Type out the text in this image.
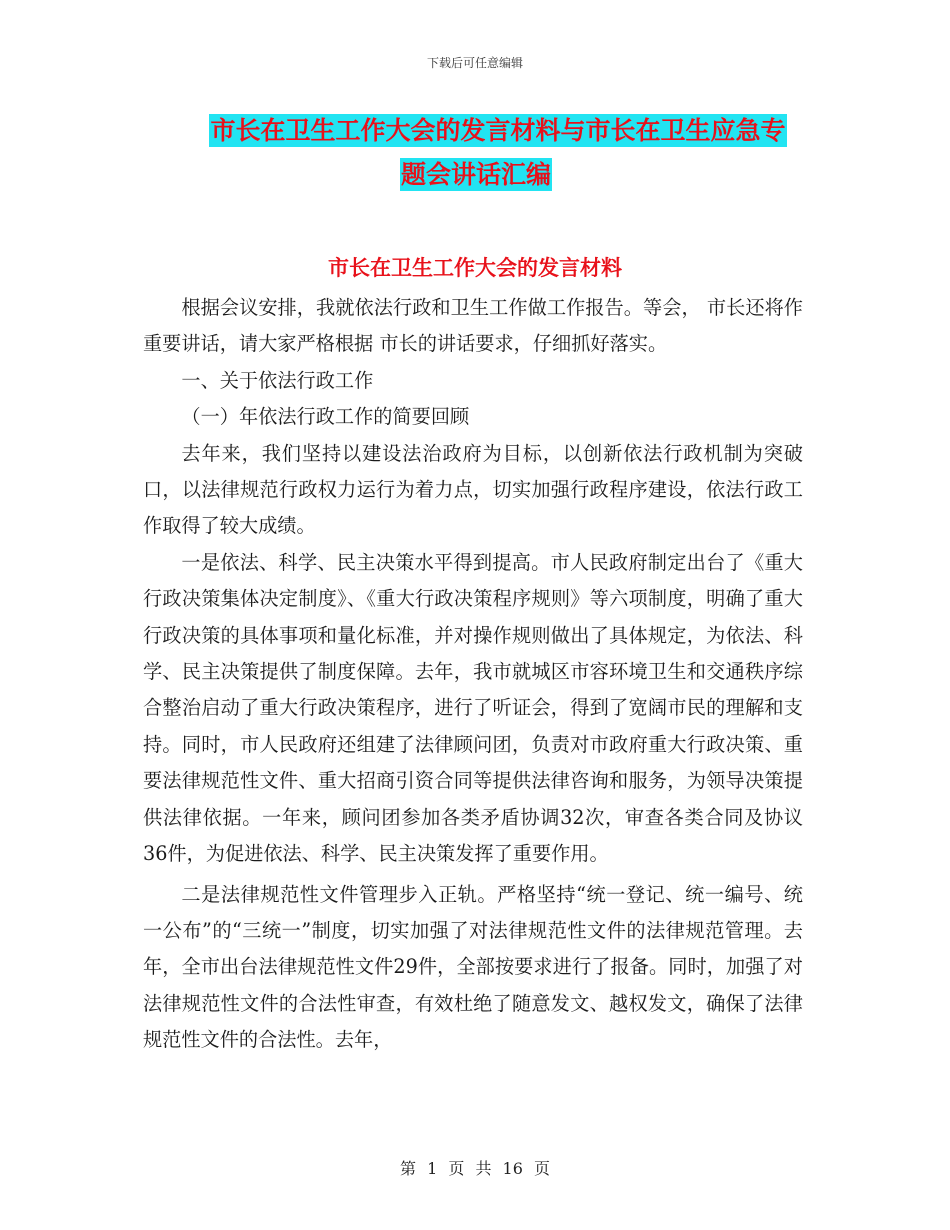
下载后可任意编辑
市长在卫生工作大会的发言材料与市长在卫生应急专
题会讲话汇编
市长在卫生工作大会的发言材料

根据会议安排，我就依法行政和卫生工作做工作报告。等会， 市长还将作重要讲话，请大家严格根据 市长的讲话要求，仔细抓好落实。

一、关于依法行政工作

（一）年依法行政工作的简要回顾

去年来，我们坚持以建设法治政府为目标，以创新依法行政机制为突破口，以法律规范行政权力运行为着力点，切实加强行政程序建设，依法行政工作取得了较大成绩。

一是依法、科学、民主决策水平得到提高。市人民政府制定出台了《重大行政决策集体决定制度》、《重大行政决策程序规则》等六项制度，明确了重大行政决策的具体事项和量化标准，并对操作规则做出了具体规定，为依法、科学、民主决策提供了制度保障。去年，我市就城区市容环境卫生和交通秩序综合整治启动了重大行政决策程序，进行了听证会，得到了宽阔市民的理解和支持。同时，市人民政府还组建了法律顾问团，负责对市政府重大行政决策、重要法律规范性文件、重大招商引资合同等提供法律咨询和服务，为领导决策提供法律依据。一年来，顾问团参加各类矛盾协调32次，审查各类合同及协议36件，为促进依法、科学、民主决策发挥了重要作用。

二是法律规范性文件管理步入正轨。严格坚持“统一登记、统一编号、统一公布”的“三统一”制度，切实加强了对法律规范性文件的法律规范管理。去年，全市出台法律规范性文件29件，全部按要求进行了报备。同时，加强了对法律规范性文件的合法性审查，有效杜绝了随意发文、越权发文，确保了法律规范性文件的合法性。去年，

第 1 页 共 16 页
